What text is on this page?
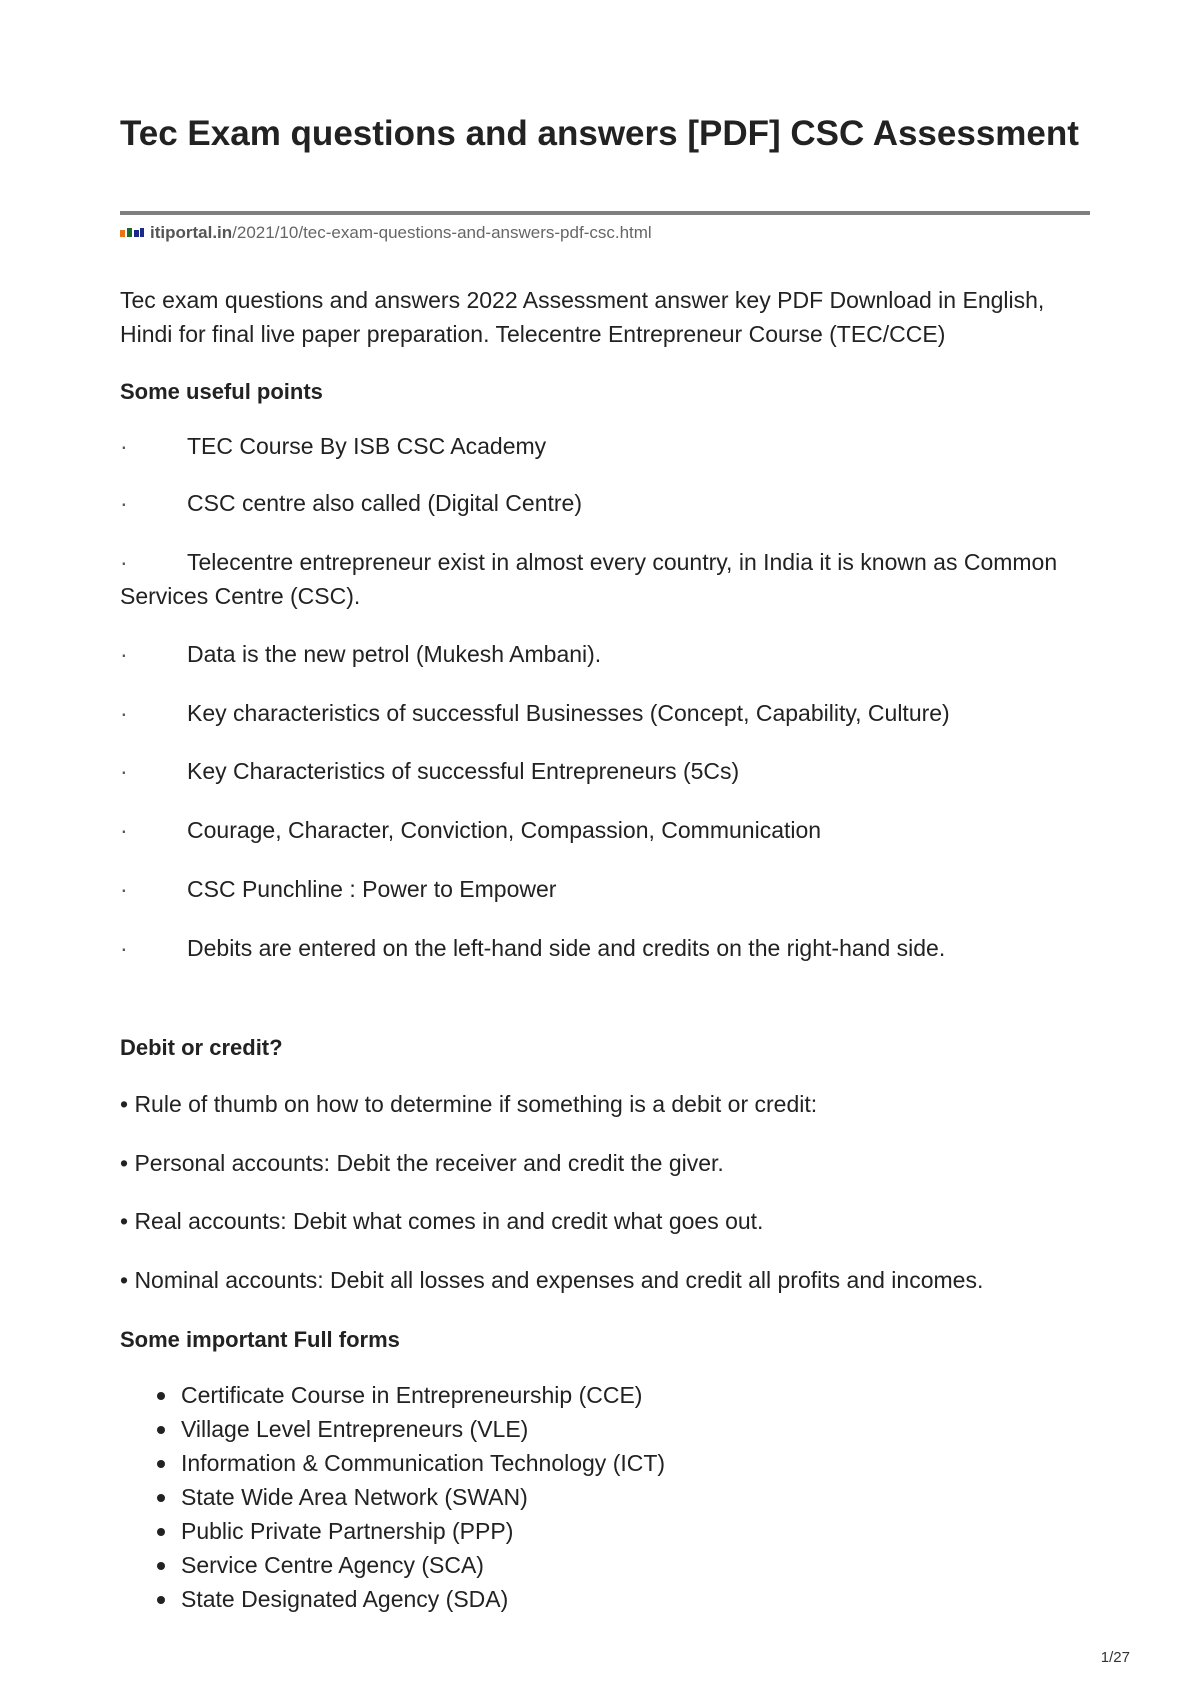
Tec Exam questions and answers [PDF] CSC Assessment
itiportal.in /2021/10/tec-exam-questions-and-answers-pdf-csc.html

Tec exam questions and answers 2022 Assessment answer key PDF Download in English, Hindi for final live paper preparation. Telecentre Entrepreneur Course (TEC/CCE)

Some useful points

·	TEC Course By ISB CSC Academy

·	CSC centre also called (Digital Centre)

·	Telecentre entrepreneur exist in almost every country, in India it is known as Common Services Centre (CSC).

·	Data is the new petrol (Mukesh Ambani).

·	Key characteristics of successful Businesses (Concept, Capability, Culture)

·	Key Characteristics of successful Entrepreneurs (5Cs)

·	Courage, Character, Conviction, Compassion, Communication

·	CSC Punchline : Power to Empower

·	Debits are entered on the left-hand side and credits on the right-hand side.

Debit or credit?

• Rule of thumb on how to determine if something is a debit or credit:

• Personal accounts: Debit the receiver and credit the giver.

• Real accounts: Debit what comes in and credit what goes out.

• Nominal accounts: Debit all losses and expenses and credit all profits and incomes.

Some important Full forms
Certificate Course in Entrepreneurship (CCE)
Village Level Entrepreneurs (VLE)
Information & Communication Technology (ICT)
State Wide Area Network (SWAN)
Public Private Partnership (PPP)
Service Centre Agency (SCA)
State Designated Agency (SDA)
1/27
